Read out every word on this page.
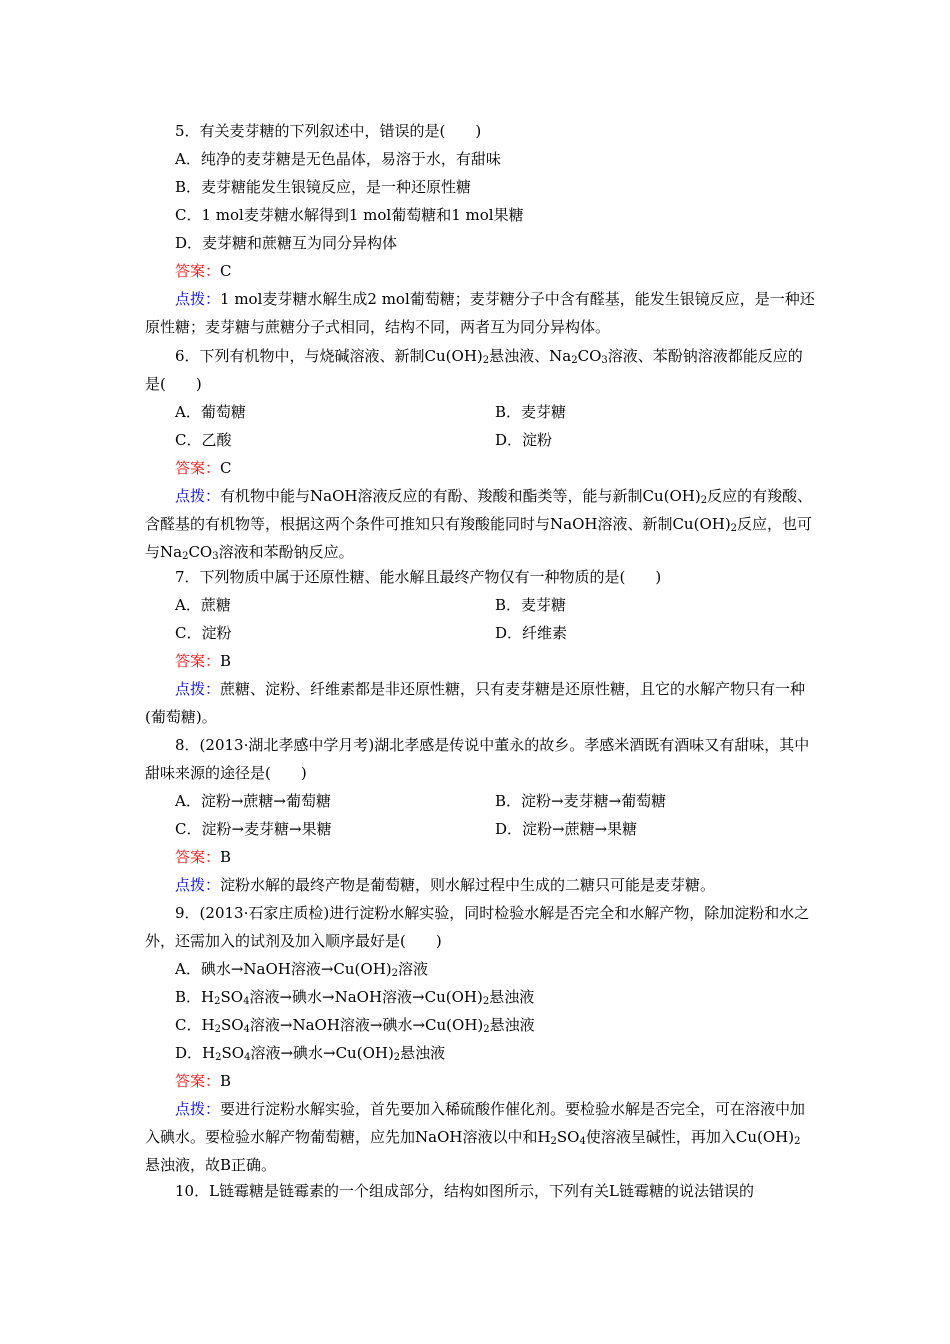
5．有关麦芽糖的下列叙述中，错误的是(　　)

A．纯净的麦芽糖是无色晶体，易溶于水，有甜味

B．麦芽糖能发生银镜反应，是一种还原性糖

C．1 mol麦芽糖水解得到1 mol葡萄糖和1 mol果糖

D．麦芽糖和蔗糖互为同分异构体

答案：C

点拨：1 mol麦芽糖水解生成2 mol葡萄糖；麦芽糖分子中含有醛基，能发生银镜反应，是一种还原性糖；麦芽糖与蔗糖分子式相同，结构不同，两者互为同分异构体。

6．下列有机物中，与烧碱溶液、新制$Cu(OH)_2$悬浊液、$Na_2CO_3$溶液、苯酚钠溶液都能反应的是(　　)

A．葡萄糖	B．麦芽糖
C．乙酸	D．淀粉

答案：C

点拨：有机物中能与NaOH溶液反应的有酚、羧酸和酯类等，能与新制$Cu(OH)_2$反应的有羧酸、含醛基的有机物等，根据这两个条件可推知只有羧酸能同时与NaOH溶液、新制$Cu(OH)_2$反应，也可与$Na_2CO_3$溶液和苯酚钠反应。

7．下列物质中属于还原性糖、能水解且最终产物仅有一种物质的是(　　)

A．蔗糖	B．麦芽糖
C．淀粉	D．纤维素

答案：B

点拨：蔗糖、淀粉、纤维素都是非还原性糖，只有麦芽糖是还原性糖，且它的水解产物只有一种(葡萄糖)。

8．(2013·湖北孝感中学月考)湖北孝感是传说中董永的故乡。孝感米酒既有酒味又有甜味，其中甜味来源的途径是(　　)

A．淀粉→蔗糖→葡萄糖	B．淀粉→麦芽糖→葡萄糖
C．淀粉→麦芽糖→果糖	D．淀粉→蔗糖→果糖

答案：B

点拨：淀粉水解的最终产物是葡萄糖，则水解过程中生成的二糖只可能是麦芽糖。

9．(2013·石家庄质检)进行淀粉水解实验，同时检验水解是否完全和水解产物，除加淀粉和水之外，还需加入的试剂及加入顺序最好是(　　)

A．碘水→NaOH溶液$\to Cu(OH)_2$溶液

B．$H_2SO_4$溶液→碘水→NaOH溶液$\to Cu(OH)_2$悬浊液

C．$H_2SO_4$溶液→NaOH溶液→碘水$\to Cu(OH)_2$悬浊液

D．$H_2SO_4$溶液→碘水$\to Cu(OH)_2$悬浊液

答案：B

点拨：要进行淀粉水解实验，首先要加入稀硫酸作催化剂。要检验水解是否完全，可在溶液中加入碘水。要检验水解产物葡萄糖，应先加NaOH溶液以中和$H_2SO_4$使溶液呈碱性，再加入$Cu(OH)_2$悬浊液，故B正确。

10．L链霉糖是链霉素的一个组成部分，结构如图所示，下列有关L链霉糖的说法错误的
